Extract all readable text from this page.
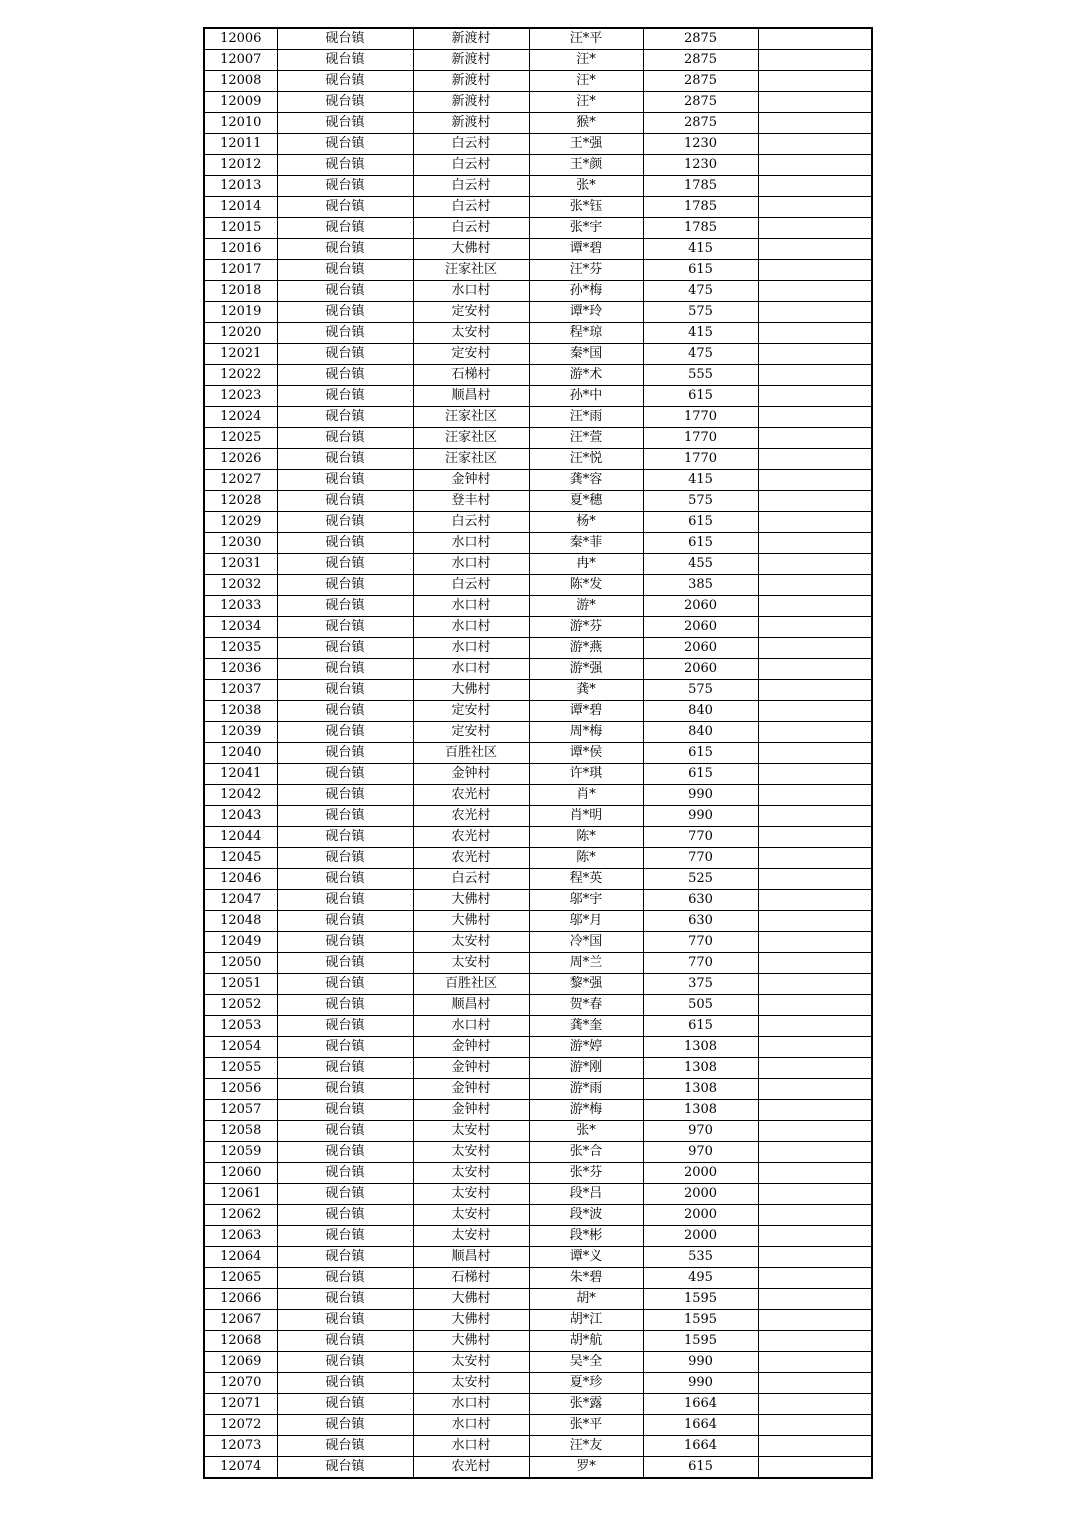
12006	砚台镇	新渡村	汪*平	2875	
12007	砚台镇	新渡村	汪*	2875	
12008	砚台镇	新渡村	汪*	2875	
12009	砚台镇	新渡村	汪*	2875	
12010	砚台镇	新渡村	猴*	2875	
12011	砚台镇	白云村	王*强	1230	
12012	砚台镇	白云村	王*颜	1230	
12013	砚台镇	白云村	张*	1785	
12014	砚台镇	白云村	张*钰	1785	
12015	砚台镇	白云村	张*宇	1785	
12016	砚台镇	大佛村	谭*碧	415	
12017	砚台镇	汪家社区	汪*芬	615	
12018	砚台镇	水口村	孙*梅	475	
12019	砚台镇	定安村	谭*玲	575	
12020	砚台镇	太安村	程*琼	415	
12021	砚台镇	定安村	秦*国	475	
12022	砚台镇	石梯村	游*术	555	
12023	砚台镇	顺昌村	孙*中	615	
12024	砚台镇	汪家社区	汪*雨	1770	
12025	砚台镇	汪家社区	汪*萱	1770	
12026	砚台镇	汪家社区	汪*悦	1770	
12027	砚台镇	金钟村	龚*容	415	
12028	砚台镇	登丰村	夏*穗	575	
12029	砚台镇	白云村	杨*	615	
12030	砚台镇	水口村	秦*菲	615	
12031	砚台镇	水口村	冉*	455	
12032	砚台镇	白云村	陈*发	385	
12033	砚台镇	水口村	游*	2060	
12034	砚台镇	水口村	游*芬	2060	
12035	砚台镇	水口村	游*燕	2060	
12036	砚台镇	水口村	游*强	2060	
12037	砚台镇	大佛村	龚*	575	
12038	砚台镇	定安村	谭*碧	840	
12039	砚台镇	定安村	周*梅	840	
12040	砚台镇	百胜社区	谭*侯	615	
12041	砚台镇	金钟村	许*琪	615	
12042	砚台镇	农光村	肖*	990	
12043	砚台镇	农光村	肖*明	990	
12044	砚台镇	农光村	陈*	770	
12045	砚台镇	农光村	陈*	770	
12046	砚台镇	白云村	程*英	525	
12047	砚台镇	大佛村	邬*宇	630	
12048	砚台镇	大佛村	邬*月	630	
12049	砚台镇	太安村	冷*国	770	
12050	砚台镇	太安村	周*兰	770	
12051	砚台镇	百胜社区	黎*强	375	
12052	砚台镇	顺昌村	贺*春	505	
12053	砚台镇	水口村	龚*奎	615	
12054	砚台镇	金钟村	游*婷	1308	
12055	砚台镇	金钟村	游*刚	1308	
12056	砚台镇	金钟村	游*雨	1308	
12057	砚台镇	金钟村	游*梅	1308	
12058	砚台镇	太安村	张*	970	
12059	砚台镇	太安村	张*合	970	
12060	砚台镇	太安村	张*芬	2000	
12061	砚台镇	太安村	段*吕	2000	
12062	砚台镇	太安村	段*波	2000	
12063	砚台镇	太安村	段*彬	2000	
12064	砚台镇	顺昌村	谭*义	535	
12065	砚台镇	石梯村	朱*碧	495	
12066	砚台镇	大佛村	胡*	1595	
12067	砚台镇	大佛村	胡*江	1595	
12068	砚台镇	大佛村	胡*航	1595	
12069	砚台镇	太安村	吴*全	990	
12070	砚台镇	太安村	夏*珍	990	
12071	砚台镇	水口村	张*露	1664	
12072	砚台镇	水口村	张*平	1664	
12073	砚台镇	水口村	汪*友	1664	
12074	砚台镇	农光村	罗*	615	
